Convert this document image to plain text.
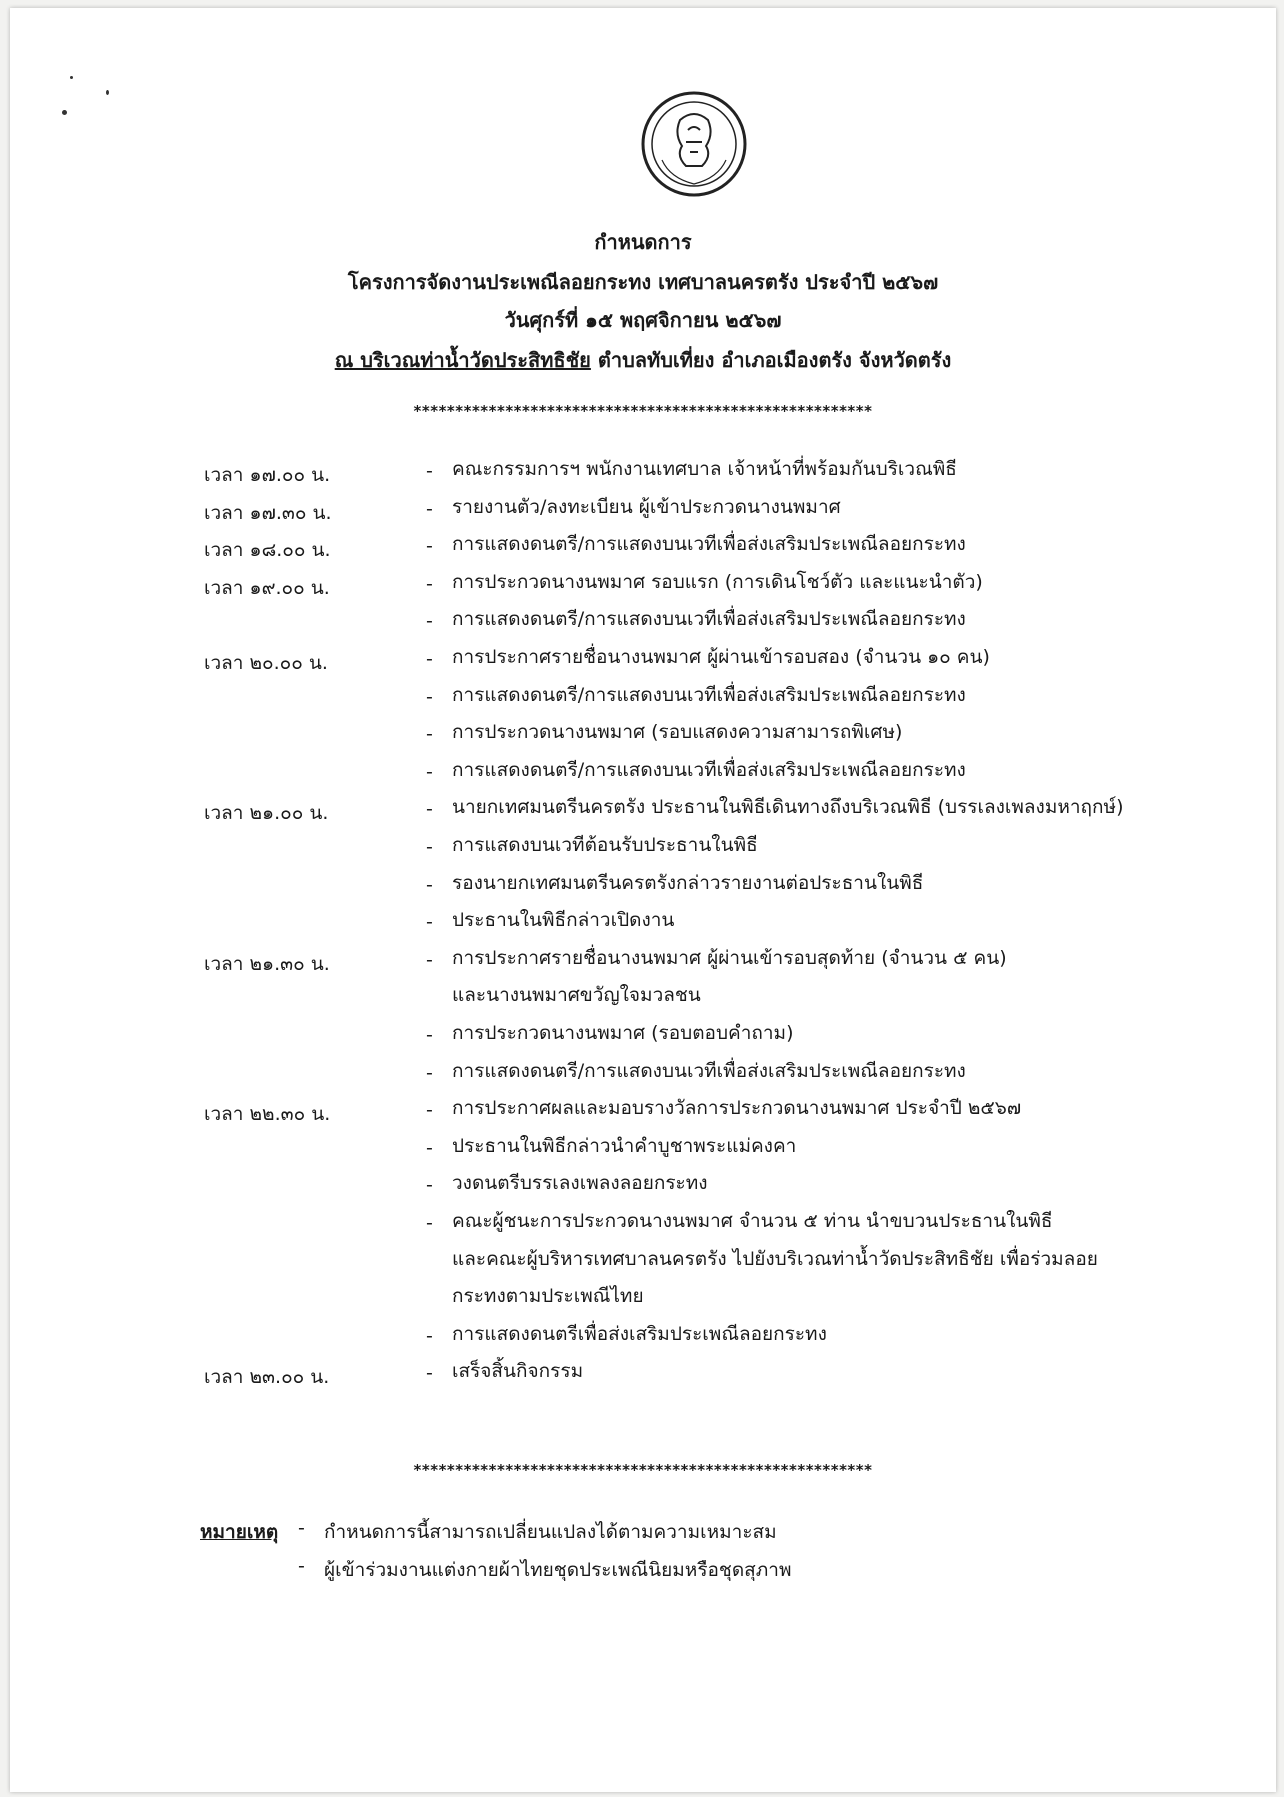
กำหนดการ
โครงการจัดงานประเพณีลอยกระทง เทศบาลนครตรัง ประจำปี ๒๕๖๗
วันศุกร์ที่ ๑๕ พฤศจิกายน ๒๕๖๗
ณ บริเวณท่าน้ำวัดประสิทธิชัย ตำบลทับเที่ยง อำเภอเมืองตรัง จังหวัดตรัง
*******************************************************
เวลา ๑๗.๐๐ น.	- คณะกรรมการฯ พนักงานเทศบาล เจ้าหน้าที่พร้อมกันบริเวณพิธี
เวลา ๑๗.๓๐ น.	- รายงานตัว/ลงทะเบียน ผู้เข้าประกวดนางนพมาศ
เวลา ๑๘.๐๐ น.	- การแสดงดนตรี/การแสดงบนเวทีเพื่อส่งเสริมประเพณีลอยกระทง
เวลา ๑๙.๐๐ น.	- การประกวดนางนพมาศ รอบแรก (การเดินโชว์ตัว และแนะนำตัว)
- การแสดงดนตรี/การแสดงบนเวทีเพื่อส่งเสริมประเพณีลอยกระทง
เวลา ๒๐.๐๐ น.	- การประกาศรายชื่อนางนพมาศ ผู้ผ่านเข้ารอบสอง (จำนวน ๑๐ คน)
- การแสดงดนตรี/การแสดงบนเวทีเพื่อส่งเสริมประเพณีลอยกระทง
- การประกวดนางนพมาศ (รอบแสดงความสามารถพิเศษ)
- การแสดงดนตรี/การแสดงบนเวทีเพื่อส่งเสริมประเพณีลอยกระทง
เวลา ๒๑.๐๐ น.	- นายกเทศมนตรีนครตรัง ประธานในพิธีเดินทางถึงบริเวณพิธี (บรรเลงเพลงมหาฤกษ์)
- การแสดงบนเวทีต้อนรับประธานในพิธี
- รองนายกเทศมนตรีนครตรังกล่าวรายงานต่อประธานในพิธี
- ประธานในพิธีกล่าวเปิดงาน
เวลา ๒๑.๓๐ น.	- การประกาศรายชื่อนางนพมาศ ผู้ผ่านเข้ารอบสุดท้าย (จำนวน ๕ คน)
และนางนพมาศขวัญใจมวลชน
- การประกวดนางนพมาศ (รอบตอบคำถาม)
- การแสดงดนตรี/การแสดงบนเวทีเพื่อส่งเสริมประเพณีลอยกระทง
เวลา ๒๒.๓๐ น.	- การประกาศผลและมอบรางวัลการประกวดนางนพมาศ ประจำปี ๒๕๖๗
- ประธานในพิธีกล่าวนำคำบูชาพระแม่คงคา
- วงดนตรีบรรเลงเพลงลอยกระทง
- คณะผู้ชนะการประกวดนางนพมาศ จำนวน ๕ ท่าน นำขบวนประธานในพิธี
และคณะผู้บริหารเทศบาลนครตรัง ไปยังบริเวณท่าน้ำวัดประสิทธิชัย เพื่อร่วมลอย
กระทงตามประเพณีไทย
- การแสดงดนตรีเพื่อส่งเสริมประเพณีลอยกระทง
เวลา ๒๓.๐๐ น.	- เสร็จสิ้นกิจกรรม
*******************************************************
หมายเหตุ - กำหนดการนี้สามารถเปลี่ยนแปลงได้ตามความเหมาะสม
- ผู้เข้าร่วมงานแต่งกายผ้าไทยชุดประเพณีนิยมหรือชุดสุภาพ
